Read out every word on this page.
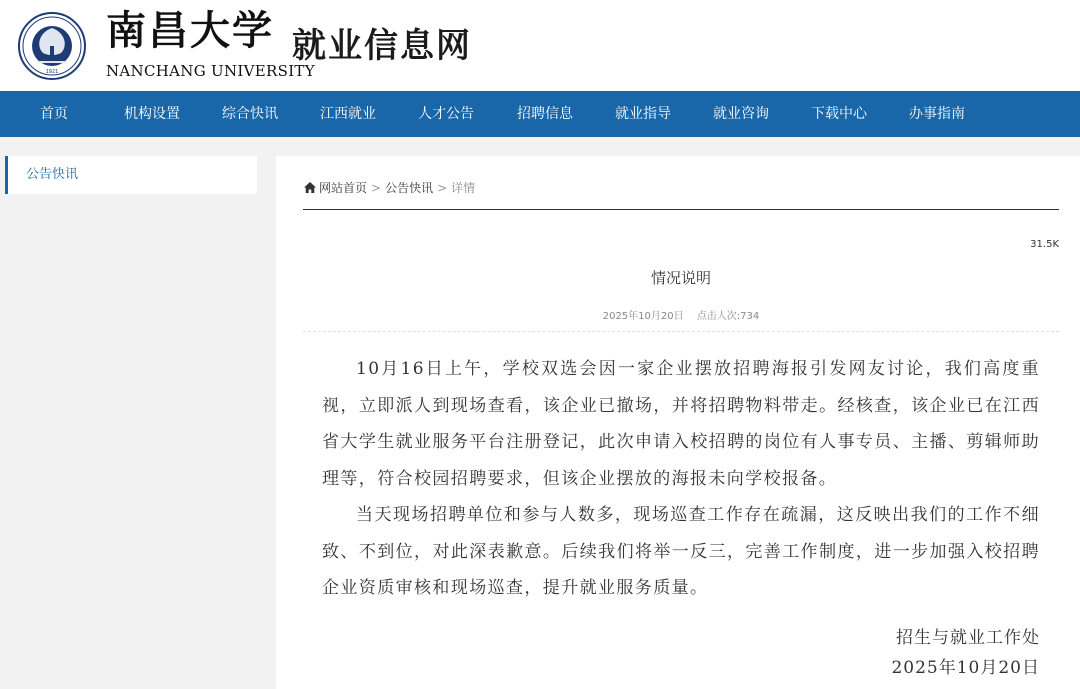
1921
南昌大学
NANCHANG UNIVERSITY
就业信息网
首页	机构设置	综合快讯	江西就业	人才公告	招聘信息	就业指导	就业咨询	下载中心	办事指南
公告快讯
网站首页 > 公告快讯 > 详情
31.5K
情况说明
2025年10月20日 点击人次:734

10月16日上午，学校双选会因一家企业摆放招聘海报引发网友讨论，我们高度重视，立即派人到现场查看，该企业已撤场，并将招聘物料带走。经核查，该企业已在江西省大学生就业服务平台注册登记，此次申请入校招聘的岗位有人事专员、主播、剪辑师助理等，符合校园招聘要求，但该企业摆放的海报未向学校报备。

当天现场招聘单位和参与人数多，现场巡查工作存在疏漏，这反映出我们的工作不细致、不到位，对此深表歉意。后续我们将举一反三，完善工作制度，进一步加强入校招聘企业资质审核和现场巡查，提升就业服务质量。

招生与就业工作处
2025年10月20日
